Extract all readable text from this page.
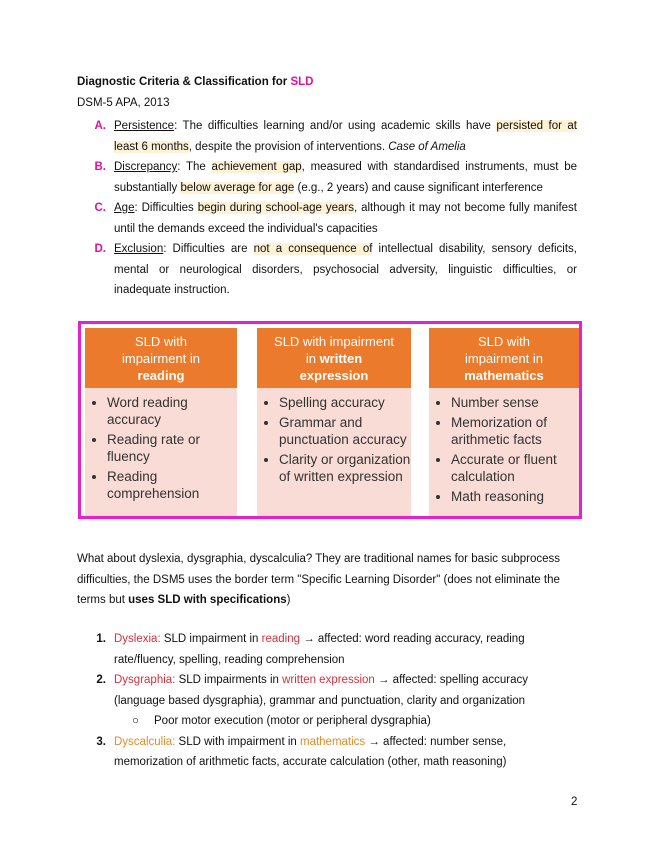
Diagnostic Criteria & Classification for SLD
DSM-5 APA, 2013
A. Persistence: The difficulties learning and/or using academic skills have persisted for at least 6 months, despite the provision of interventions. Case of Amelia
B. Discrepancy: The achievement gap, measured with standardised instruments, must be substantially below average for age (e.g., 2 years) and cause significant interference
C. Age: Difficulties begin during school-age years, although it may not become fully manifest until the demands exceed the individual's capacities
D. Exclusion: Difficulties are not a consequence of intellectual disability, sensory deficits, mental or neurological disorders, psychosocial adversity, linguistic difficulties, or inadequate instruction.
SLD with
impairment in
reading
• Word reading accuracy
• Reading rate or fluency
• Reading comprehension
SLD with impairment
in written
expression
• Spelling accuracy
• Grammar and punctuation accuracy
• Clarity or organization of written expression
SLD with
impairment in
mathematics
• Number sense
• Memorization of arithmetic facts
• Accurate or fluent calculation
• Math reasoning
What about dyslexia, dysgraphia, dyscalculia? They are traditional names for basic subprocess difficulties, the DSM5 uses the border term "Specific Learning Disorder" (does not eliminate the terms but uses SLD with specifications)
1. Dyslexia: SLD impairment in reading → affected: word reading accuracy, reading rate/fluency, spelling, reading comprehension
2. Dysgraphia: SLD impairments in written expression → affected: spelling accuracy (language based dysgraphia), grammar and punctuation, clarity and organization
○	Poor motor execution (motor or peripheral dysgraphia)
3. Dyscalculia: SLD with impairment in mathematics → affected: number sense, memorization of arithmetic facts, accurate calculation (other, math reasoning)
2
